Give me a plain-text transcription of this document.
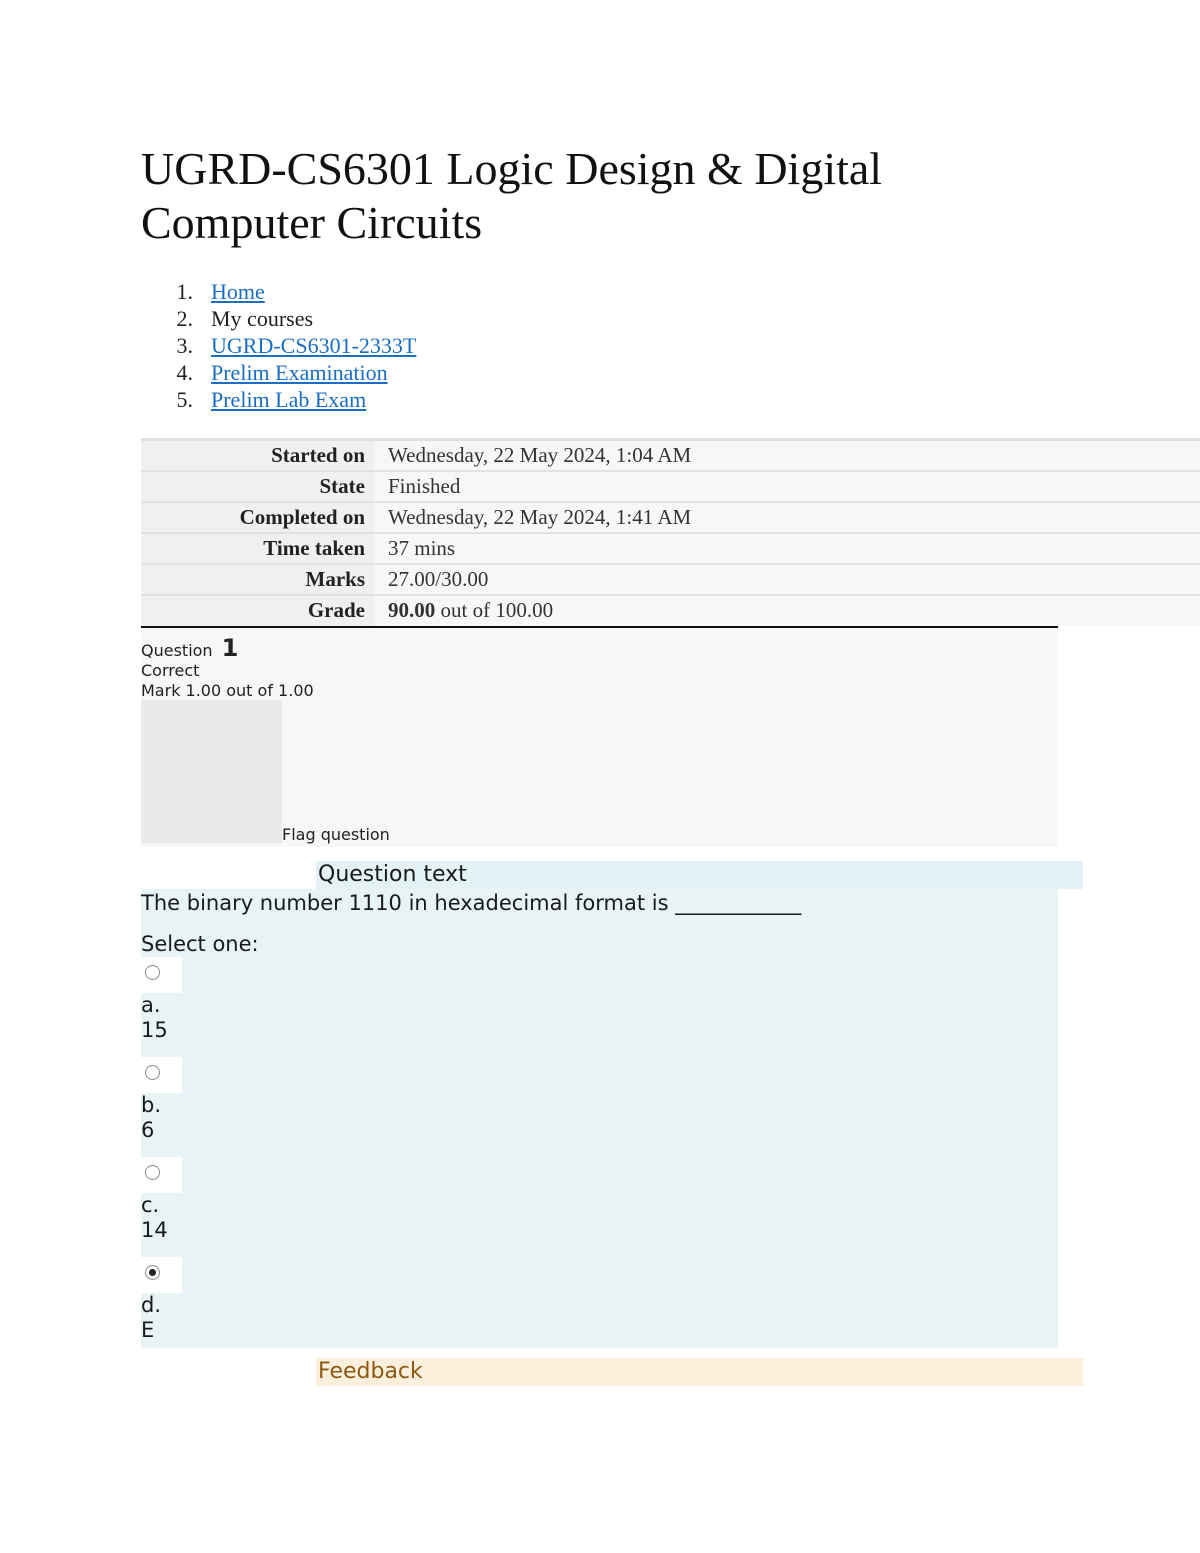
UGRD-CS6301 Logic Design & Digital Computer Circuits
1. Home
2. My courses
3. UGRD-CS6301-2333T
4. Prelim Examination
5. Prelim Lab Exam
Started on	Wednesday, 22 May 2024, 1:04 AM
State	Finished
Completed on	Wednesday, 22 May 2024, 1:41 AM
Time taken	37 mins
Marks	27.00/30.00
Grade	90.00 out of 100.00
Question 1
Correct
Mark 1.00 out of 1.00
Flag question
Question text
The binary number 1110 in hexadecimal format is ____________
Select one:
a.
15
b.
6
c.
14
d.
E
Feedback
